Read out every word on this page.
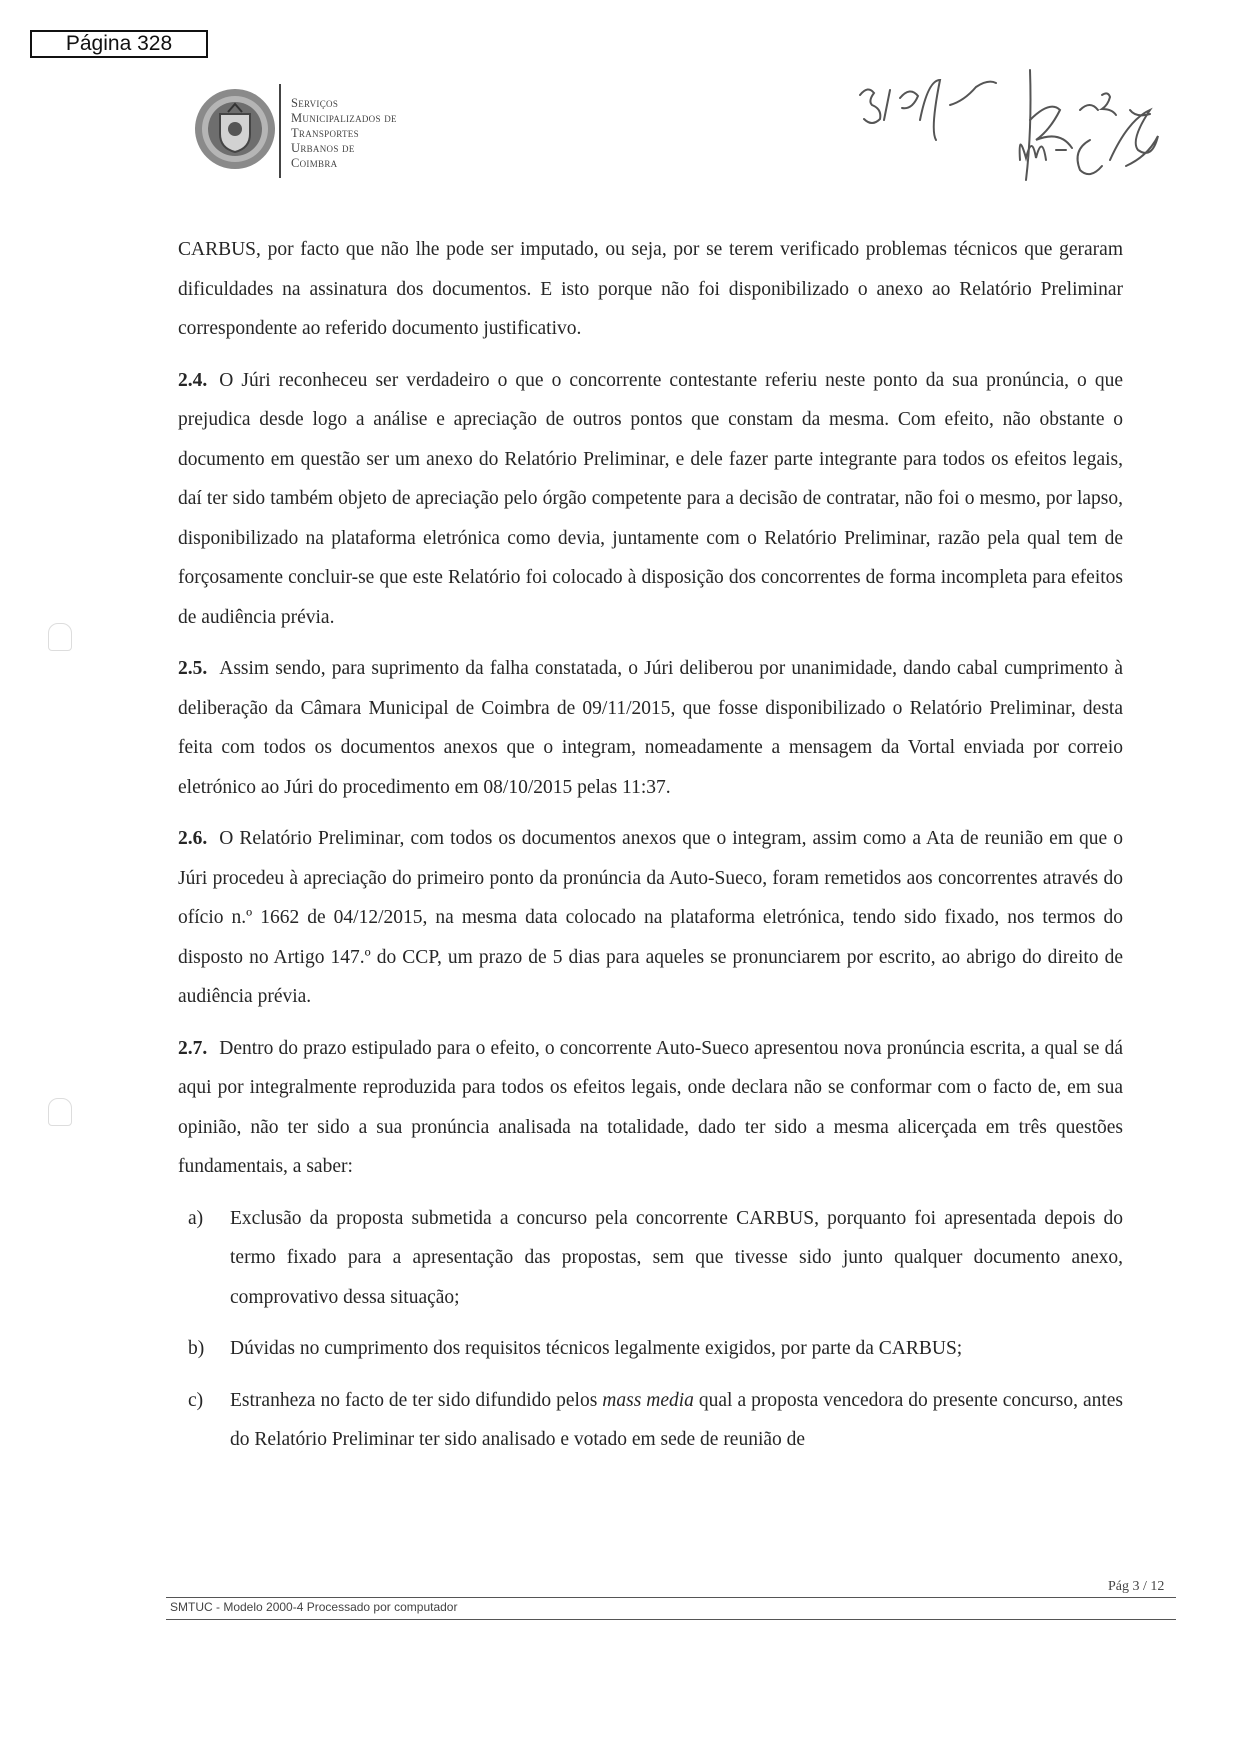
Página 328
Serviços
Municipalizados de
Transportes
Urbanos de
Coimbra

CARBUS, por facto que não lhe pode ser imputado, ou seja, por se terem verificado problemas técnicos que geraram dificuldades na assinatura dos documentos. E isto porque não foi disponibilizado o anexo ao Relatório Preliminar correspondente ao referido documento justificativo.

2.4. O Júri reconheceu ser verdadeiro o que o concorrente contestante referiu neste ponto da sua pronúncia, o que prejudica desde logo a análise e apreciação de outros pontos que constam da mesma. Com efeito, não obstante o documento em questão ser um anexo do Relatório Preliminar, e dele fazer parte integrante para todos os efeitos legais, daí ter sido também objeto de apreciação pelo órgão competente para a decisão de contratar, não foi o mesmo, por lapso, disponibilizado na plataforma eletrónica como devia, juntamente com o Relatório Preliminar, razão pela qual tem de forçosamente concluir-se que este Relatório foi colocado à disposição dos concorrentes de forma incompleta para efeitos de audiência prévia.

2.5. Assim sendo, para suprimento da falha constatada, o Júri deliberou por unanimidade, dando cabal cumprimento à deliberação da Câmara Municipal de Coimbra de 09/11/2015, que fosse disponibilizado o Relatório Preliminar, desta feita com todos os documentos anexos que o integram, nomeadamente a mensagem da Vortal enviada por correio eletrónico ao Júri do procedimento em 08/10/2015 pelas 11:37.

2.6. O Relatório Preliminar, com todos os documentos anexos que o integram, assim como a Ata de reunião em que o Júri procedeu à apreciação do primeiro ponto da pronúncia da Auto-Sueco, foram remetidos aos concorrentes através do ofício n.º 1662 de 04/12/2015, na mesma data colocado na plataforma eletrónica, tendo sido fixado, nos termos do disposto no Artigo 147.º do CCP, um prazo de 5 dias para aqueles se pronunciarem por escrito, ao abrigo do direito de audiência prévia.

2.7. Dentro do prazo estipulado para o efeito, o concorrente Auto-Sueco apresentou nova pronúncia escrita, a qual se dá aqui por integralmente reproduzida para todos os efeitos legais, onde declara não se conformar com o facto de, em sua opinião, não ter sido a sua pronúncia analisada na totalidade, dado ter sido a mesma alicerçada em três questões fundamentais, a saber:

a) Exclusão da proposta submetida a concurso pela concorrente CARBUS, porquanto foi apresentada depois do termo fixado para a apresentação das propostas, sem que tivesse sido junto qualquer documento anexo, comprovativo dessa situação;
b) Dúvidas no cumprimento dos requisitos técnicos legalmente exigidos, por parte da CARBUS;
c) Estranheza no facto de ter sido difundido pelos mass media qual a proposta vencedora do presente concurso, antes do Relatório Preliminar ter sido analisado e votado em sede de reunião de
Pág 3 / 12
SMTUC - Modelo 2000-4 Processado por computador
